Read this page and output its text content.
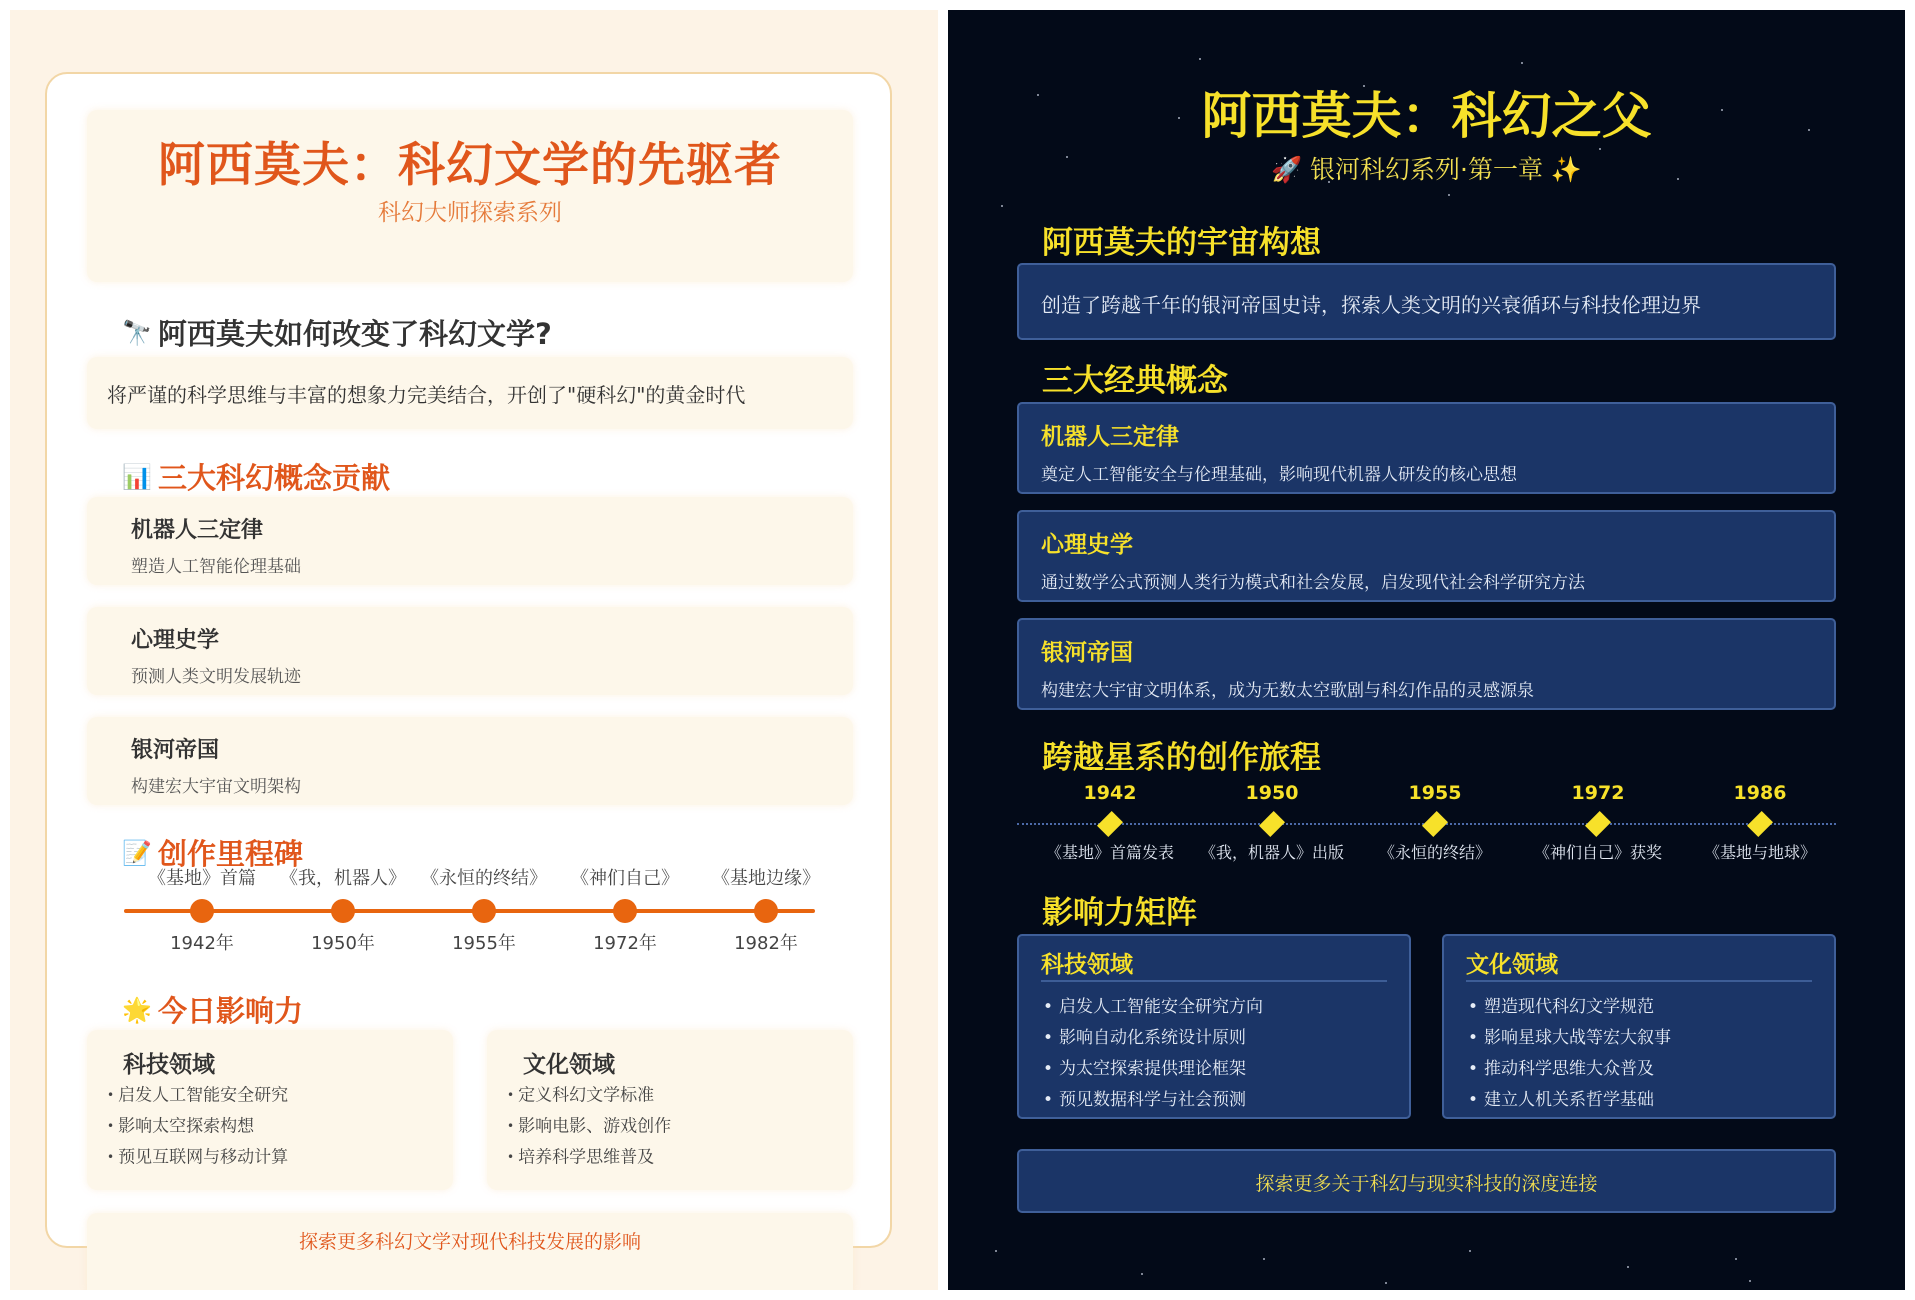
阿西莫夫：科幻文学的先驱者
科幻大师探索系列
🔭 阿西莫夫如何改变了科幻文学?
将严谨的科学思维与丰富的想象力完美结合，开创了"硬科幻"的黄金时代
📊 三大科幻概念贡献
机器人三定律
塑造人工智能伦理基础
心理史学
预测人类文明发展轨迹
银河帝国
构建宏大宇宙文明架构
📝 创作里程碑
《基地》首篇
1942年
《我，机器人》
1950年
《永恒的终结》
1955年
《神们自己》
1972年
《基地边缘》
1982年
🌟 今日影响力
科技领域
• 启发人工智能安全研究
• 影响太空探索构想
• 预见互联网与移动计算
文化领域
• 定义科幻文学标准
• 影响电影、游戏创作
• 培养科学思维普及
探索更多科幻文学对现代科技发展的影响
阿西莫夫：科幻之父
🚀 银河科幻系列·第一章 ✨
阿西莫夫的宇宙构想
创造了跨越千年的银河帝国史诗，探索人类文明的兴衰循环与科技伦理边界
三大经典概念
机器人三定律
奠定人工智能安全与伦理基础，影响现代机器人研发的核心思想
心理史学
通过数学公式预测人类行为模式和社会发展，启发现代社会科学研究方法
银河帝国
构建宏大宇宙文明体系，成为无数太空歌剧与科幻作品的灵感源泉
跨越星系的创作旅程
1942
《基地》首篇发表
1950
《我，机器人》出版
1955
《永恒的终结》
1972
《神们自己》获奖
1986
《基地与地球》
影响力矩阵
科技领域
• 启发人工智能安全研究方向
• 影响自动化系统设计原则
• 为太空探索提供理论框架
• 预见数据科学与社会预测
文化领域
• 塑造现代科幻文学规范
• 影响星球大战等宏大叙事
• 推动科学思维大众普及
• 建立人机关系哲学基础
探索更多关于科幻与现实科技的深度连接
